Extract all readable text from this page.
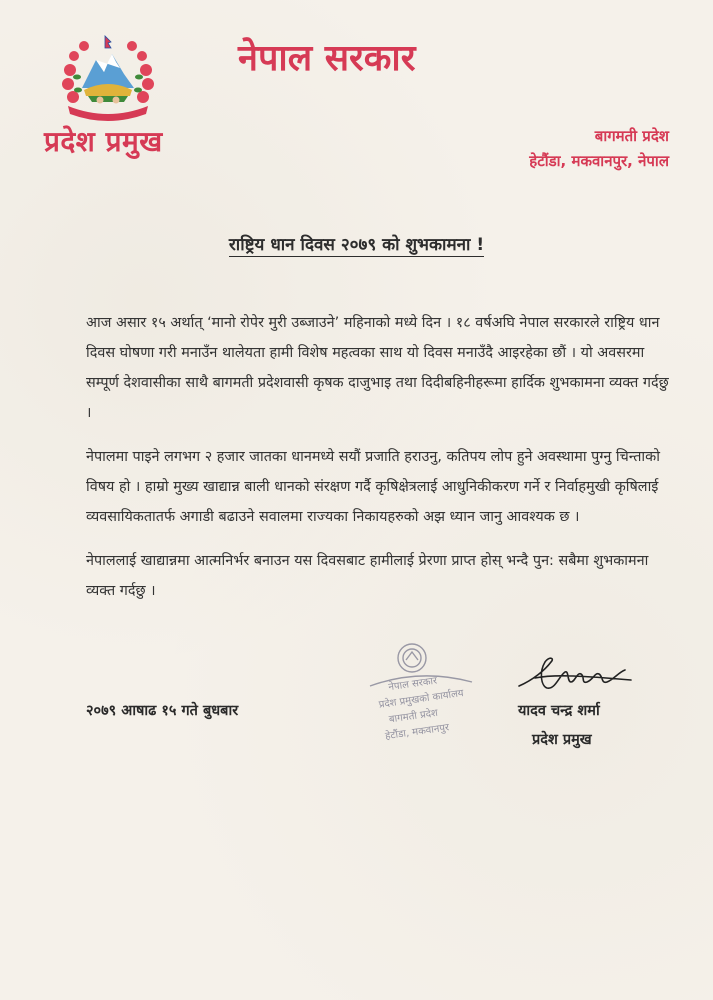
प्रदेश प्रमुख
नेपाल सरकार
बागमती प्रदेश
हेटौंडा, मकवानपुर, नेपाल
राष्ट्रिय धान दिवस २०७९ को शुभकामना !

आज असार १५ अर्थात् ‘मानो रोपेर मुरी उब्जाउने’ महिनाको मध्ये दिन । १८ वर्षअघि नेपाल सरकारले राष्ट्रिय धान दिवस घोषणा गरी मनाउँन थालेयता हामी विशेष महत्वका साथ यो दिवस मनाउँदै आइरहेका छौं । यो अवसरमा सम्पूर्ण देशवासीका साथै बागमती प्रदेशवासी कृषक दाजुभाइ तथा दिदीबहिनीहरूमा हार्दिक शुभकामना व्यक्त गर्दछु ।

नेपालमा पाइने लगभग २ हजार जातका धानमध्ये सयौं प्रजाति हराउनु, कतिपय लोप हुने अवस्थामा पुग्नु चिन्ताको विषय हो । हाम्रो मुख्य खाद्यान्न बाली धानको संरक्षण गर्दै कृषिक्षेत्रलाई आधुनिकीकरण गर्ने र निर्वाहमुखी कृषिलाई व्यवसायिकतातर्फ अगाडी बढाउने सवालमा राज्यका निकायहरुको अझ ध्यान जानु आवश्यक छ ।

नेपाललाई खाद्यान्नमा आत्मनिर्भर बनाउन यस दिवसबाट हामीलाई प्रेरणा प्राप्त होस् भन्दै पुन: सबैमा शुभकामना व्यक्त गर्दछु ।

२०७९ आषाढ १५ गते बुधबार
नेपाल सरकार
प्रदेश प्रमुखको कार्यालय
बागमती प्रदेश
हेटौंडा, मकवानपुर
यादव चन्द्र शर्मा
प्रदेश प्रमुख
